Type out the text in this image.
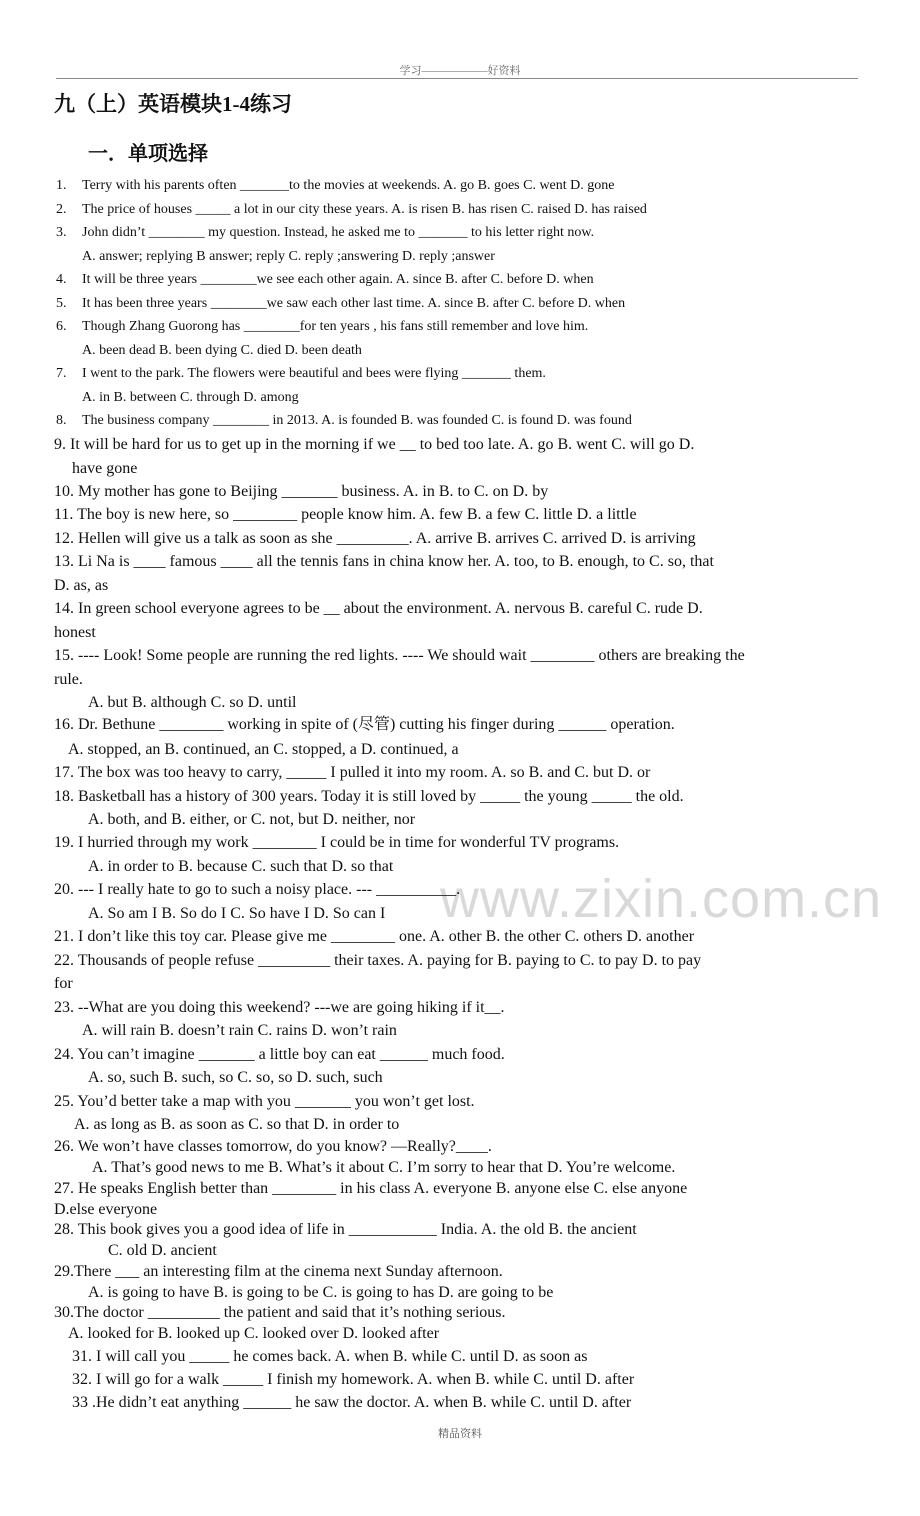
学习——————好资料
www.zixin.com.cn
九（上）英语模块1-4练习
一．单项选择
1. Terry with his parents often _______to the movies at weekends. A. go B. goes C. went D. gone
2. The price of houses _____ a lot in our city these years. A. is risen B. has risen C. raised D. has raised
3. John didn’t ________ my question. Instead, he asked me to _______ to his letter right now.
A. answer; replying B answer; reply C. reply ;answering D. reply ;answer
4. It will be three years ________we see each other again. A. since B. after C. before D. when
5. It has been three years ________we saw each other last time. A. since B. after C. before D. when
6. Though Zhang Guorong has ________for ten years , his fans still remember and love him.
A. been dead B. been dying C. died D. been death
7. I went to the park. The flowers were beautiful and bees were flying _______ them.
A. in B. between C. through D. among
8. The business company ________ in 2013. A. is founded B. was founded C. is found D. was found
9. It will be hard for us to get up in the morning if we __ to bed too late. A. go B. went C. will go D.
have gone
10. My mother has gone to Beijing _______ business. A. in B. to C. on D. by
11. The boy is new here, so ________ people know him. A. few B. a few C. little D. a little
12. Hellen will give us a talk as soon as she _________. A. arrive B. arrives C. arrived D. is arriving
13. Li Na is ____ famous ____ all the tennis fans in china know her. A. too, to B. enough, to C. so, that
D. as, as
14. In green school everyone agrees to be __ about the environment. A. nervous B. careful C. rude D.
honest
15. ---- Look! Some people are running the red lights. ---- We should wait ________ others are breaking the
rule.
A. but B. although C. so D. until
16. Dr. Bethune ________ working in spite of (尽管) cutting his finger during ______ operation.
A. stopped, an B. continued, an C. stopped, a D. continued, a
17. The box was too heavy to carry, _____ I pulled it into my room. A. so B. and C. but D. or
18. Basketball has a history of 300 years. Today it is still loved by _____ the young _____ the old.
A. both, and B. either, or C. not, but D. neither, nor
19. I hurried through my work ________ I could be in time for wonderful TV programs.
A. in order to B. because C. such that D. so that
20. --- I really hate to go to such a noisy place. --- __________.
A. So am I B. So do I C. So have I D. So can I
21. I don’t like this toy car. Please give me ________ one. A. other B. the other C. others D. another
22. Thousands of people refuse _________ their taxes. A. paying for B. paying to C. to pay D. to pay
for
23. --What are you doing this weekend? ---we are going hiking if it__.
A. will rain B. doesn’t rain C. rains D. won’t rain
24. You can’t imagine _______ a little boy can eat ______ much food.
A. so, such B. such, so C. so, so D. such, such
25. You’d better take a map with you _______ you won’t get lost.
A. as long as B. as soon as C. so that D. in order to
26. We won’t have classes tomorrow, do you know? —Really?____.
A. That’s good news to me B. What’s it about C. I’m sorry to hear that D. You’re welcome.
27. He speaks English better than ________ in his class A. everyone B. anyone else C. else anyone
D.else everyone
28. This book gives you a good idea of life in ___________ India. A. the old B. the ancient
C. old D. ancient
29.There ___ an interesting film at the cinema next Sunday afternoon.
A. is going to have B. is going to be C. is going to has D. are going to be
30.The doctor _________ the patient and said that it’s nothing serious.
A. looked for B. looked up C. looked over D. looked after
31. I will call you _____ he comes back. A. when B. while C. until D. as soon as
32. I will go for a walk _____ I finish my homework. A. when B. while C. until D. after
33 .He didn’t eat anything ______ he saw the doctor. A. when B. while C. until D. after
精品资料
